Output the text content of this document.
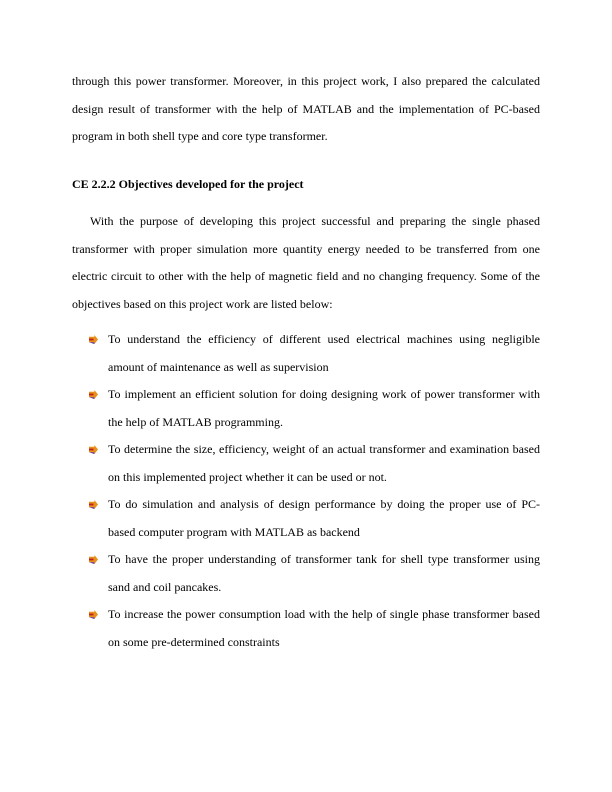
through this power transformer. Moreover, in this project work, I also prepared the calculated design result of transformer with the help of MATLAB and the implementation of PC-based program in both shell type and core type transformer.

CE 2.2.2 Objectives developed for the project

With the purpose of developing this project successful and preparing the single phased transformer with proper simulation more quantity energy needed to be transferred from one electric circuit to other with the help of magnetic field and no changing frequency. Some of the objectives based on this project work are listed below:

To understand the efficiency of different used electrical machines using negligible amount of maintenance as well as supervision
To implement an efficient solution for doing designing work of power transformer with the help of MATLAB programming.
To determine the size, efficiency, weight of an actual transformer and examination based on this implemented project whether it can be used or not.
To do simulation and analysis of design performance by doing the proper use of PC-based computer program with MATLAB as backend
To have the proper understanding of transformer tank for shell type transformer using sand and coil pancakes.
To increase the power consumption load with the help of single phase transformer based on some pre-determined constraints
